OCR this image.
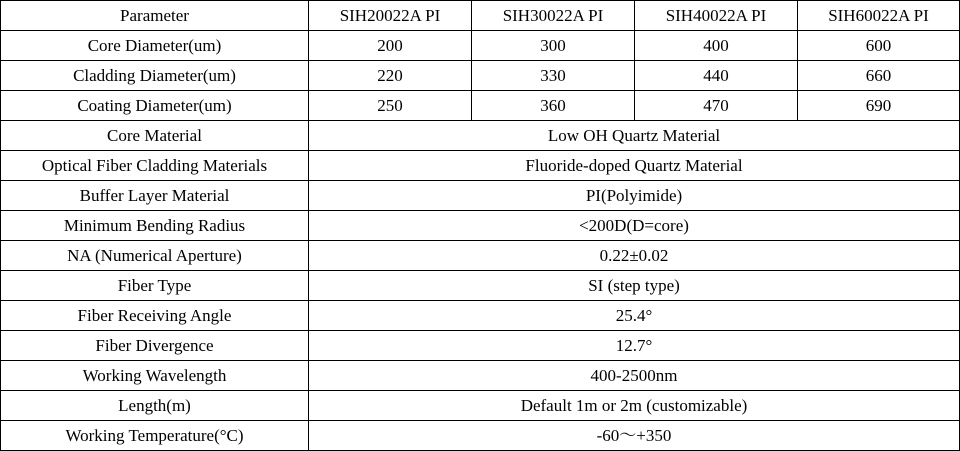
Parameter	SIH20022A PI	SIH30022A PI	SIH40022A PI	SIH60022A PI
Core Diameter(um)	200	300	400	600
Cladding Diameter(um)	220	330	440	660
Coating Diameter(um)	250	360	470	690
Core Material	Low OH Quartz Material			
Optical Fiber Cladding Materials	Fluoride-doped Quartz Material			
Buffer Layer Material	PI(Polyimide)			
Minimum Bending Radius	<200D(D=core)			
NA (Numerical Aperture)	0.22±0.02			
Fiber Type	SI (step type)			
Fiber Receiving Angle	25.4°			
Fiber Divergence	12.7°			
Working Wavelength	400-2500nm			
Length(m)	Default 1m or 2m (customizable)			
Working Temperature(°C)	-60～+350			
